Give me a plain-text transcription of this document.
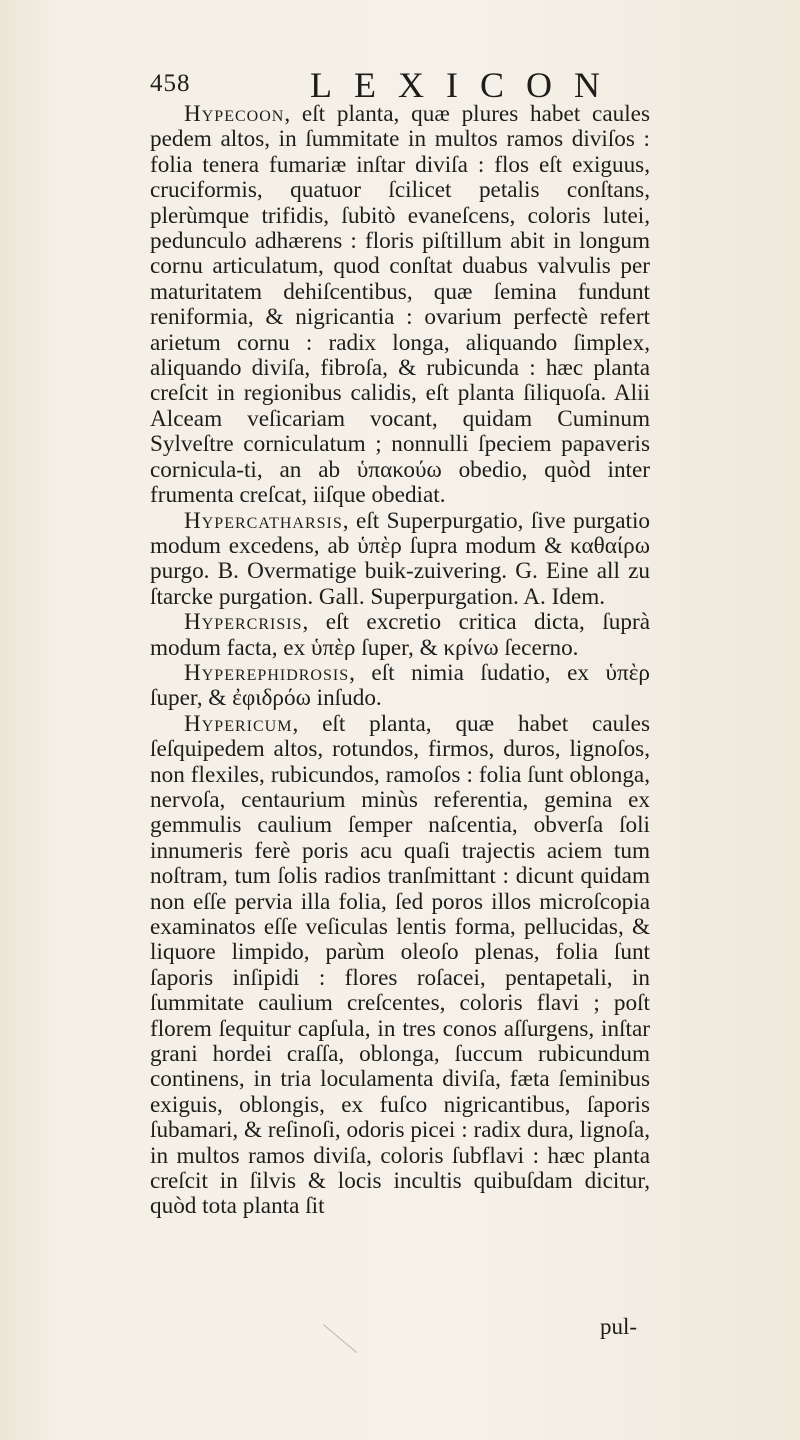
458	LEXICON

Hypecoon, eſt planta, quæ plures habet caules pedem altos, in ſummitate in multos ramos diviſos : folia tenera fumariæ inſtar diviſa : flos eſt exiguus, cruciformis, quatuor ſcilicet petalis conſtans, plerùmque trifidis, ſubitò evaneſcens, coloris lutei, pedunculo adhærens : floris piſtillum abit in longum cornu articulatum, quod conſtat duabus valvulis per maturitatem dehiſcentibus, quæ ſemina fundunt reniformia, & nigricantia : ovarium perfectè refert arietum cornu : radix longa, aliquando ſimplex, aliquando diviſa, fibroſa, & rubicunda : hæc planta creſcit in regionibus calidis, eſt planta ſiliquoſa. Alii Alceam veſicariam vocant, quidam Cuminum Sylveſtre corniculatum ; nonnulli ſpeciem papaveris cornicula-ti, an ab ὑπακούω obedio, quòd inter frumenta creſcat, iiſque obediat.

Hypercatharsis, eſt Superpurgatio, ſive purgatio modum excedens, ab ὑπὲρ ſupra modum & καθαίρω purgo. B. Overmatige buik-zuivering. G. Eine all zu ſtarcke purgation. Gall. Superpurgation. A. Idem.

Hypercrisis, eſt excretio critica dicta, ſuprà modum facta, ex ὑπὲρ ſuper, & κρίνω ſecerno.

Hyperephidrosis, eſt nimia ſudatio, ex ὑπὲρ ſuper, & ἐφιδρόω inſudo.

Hypericum, eſt planta, quæ habet caules ſeſquipedem altos, rotundos, firmos, duros, lignoſos, non flexiles, rubicundos, ramoſos : folia ſunt oblonga, nervoſa, centaurium minùs referentia, gemina ex gemmulis caulium ſemper naſcentia, obverſa ſoli innumeris ferè poris acu quaſi trajectis aciem tum noſtram, tum ſolis radios tranſmittant : dicunt quidam non eſſe pervia illa folia, ſed poros illos microſcopia examinatos eſſe veſiculas lentis forma, pellucidas, & liquore limpido, parùm oleoſo plenas, folia ſunt ſaporis inſipidi : flores roſacei, pentapetali, in ſummitate caulium creſcentes, coloris flavi ; poſt florem ſequitur capſula, in tres conos aſſurgens, inſtar grani hordei craſſa, oblonga, ſuccum rubicundum continens, in tria loculamenta diviſa, fæta ſeminibus exiguis, oblongis, ex fuſco nigricantibus, ſaporis ſubamari, & reſinoſi, odoris picei : radix dura, lignoſa, in multos ramos diviſa, coloris ſubflavi : hæc planta creſcit in ſilvis & locis incultis quibuſdam dicitur, quòd tota planta ſit

pul-
